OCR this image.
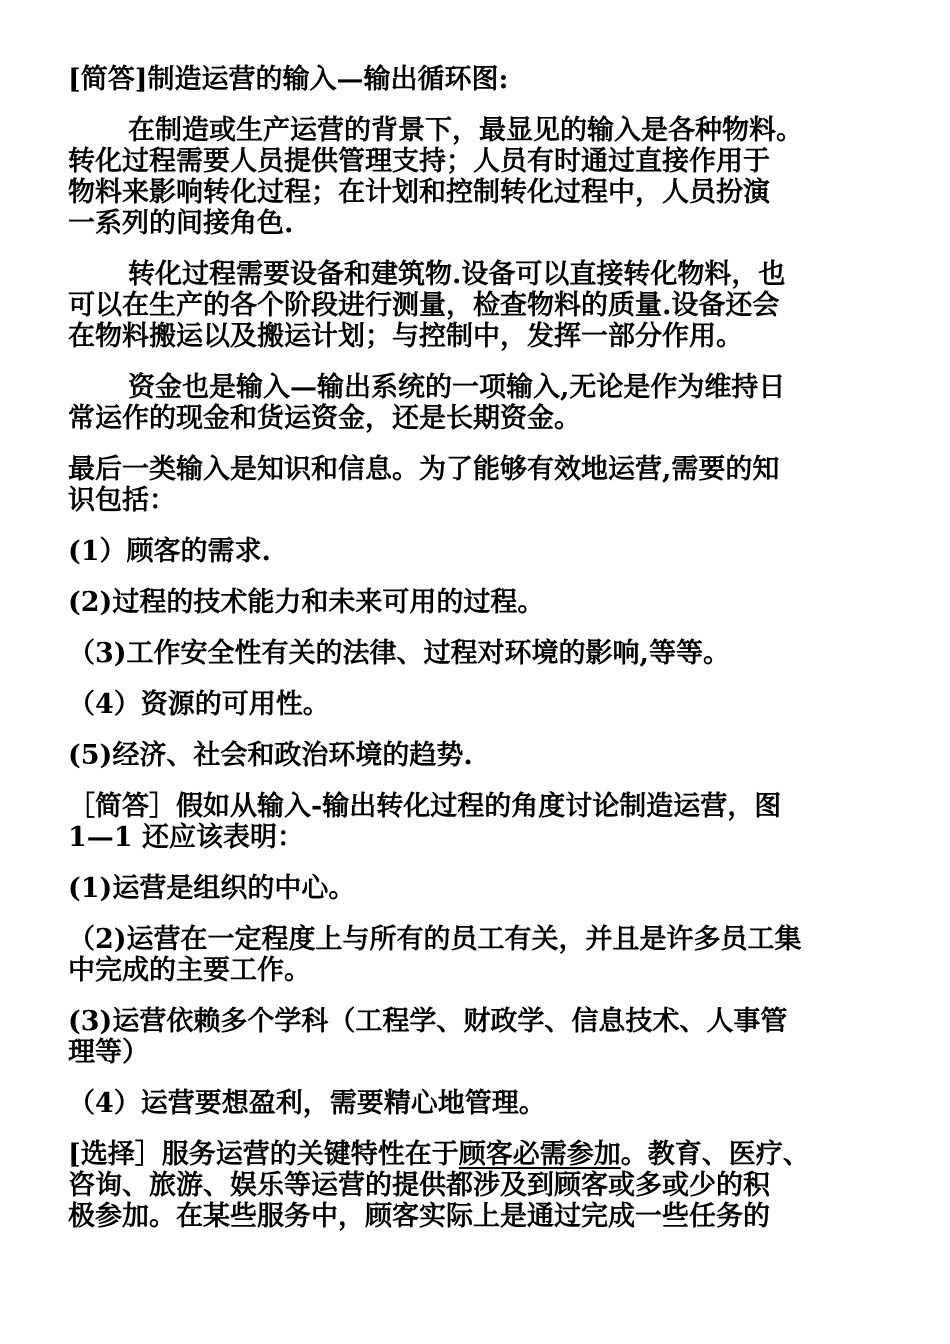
[简答]制造运营的输入—输出循环图:

在制造或生产运营的背景下，最显见的输入是各种物料。
转化过程需要人员提供管理支持；人员有时通过直接作用于
物料来影响转化过程；在计划和控制转化过程中，人员扮演
一系列的间接角色.

转化过程需要设备和建筑物.设备可以直接转化物料，也
可以在生产的各个阶段进行测量，检查物料的质量.设备还会
在物料搬运以及搬运计划；与控制中，发挥一部分作用。

资金也是输入—输出系统的一项输入,无论是作为维持日
常运作的现金和货运资金，还是长期资金。

最后一类输入是知识和信息。为了能够有效地运营,需要的知
识包括：

(1）顾客的需求.

(2)过程的技术能力和未来可用的过程。

（3)工作安全性有关的法律、过程对环境的影响,等等。

（4）资源的可用性。

(5)经济、社会和政治环境的趋势.

［简答］假如从输入-输出转化过程的角度讨论制造运营，图
1—1 还应该表明：

(1)运营是组织的中心。

（2)运营在一定程度上与所有的员工有关，并且是许多员工集
中完成的主要工作。

(3)运营依赖多个学科（工程学、财政学、信息技术、人事管
理等）

（4）运营要想盈利，需要精心地管理。

[选择］服务运营的关键特性在于顾客必需参加。教育、医疗、
咨询、旅游、娱乐等运营的提供都涉及到顾客或多或少的积
极参加。在某些服务中，顾客实际上是通过完成一些任务的
